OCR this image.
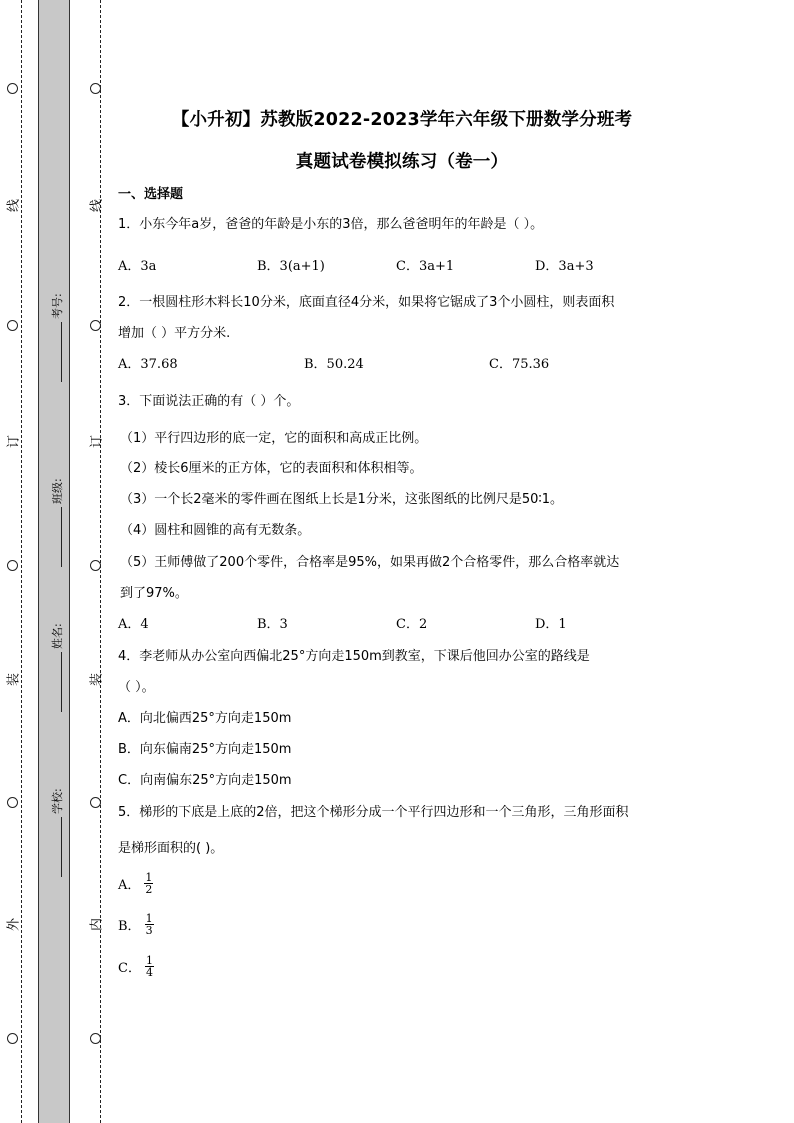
线
订
装
外
线
订
装
内
考号:
班级:
姓名:
学校:
【小升初】苏教版2022-2023学年六年级下册数学分班考
真题试卷模拟练习（卷一）
一、选择题
1．小东今年a岁，爸爸的年龄是小东的3倍，那么爸爸明年的年龄是（ ）。
A．3a	B．3(a+1)	C．3a+1	D．3a+3
2．一根圆柱形木料长10分米，底面直径4分米，如果将它锯成了3个小圆柱，则表面积
增加（ ）平方分米.
A．37.68	B．50.24	C．75.36
3．下面说法正确的有（ ）个。
（1）平行四边形的底一定，它的面积和高成正比例。
（2）棱长6厘米的正方体，它的表面积和体积相等。
（3）一个长2毫米的零件画在图纸上长是1分米，这张图纸的比例尺是50∶1。
（4）圆柱和圆锥的高有无数条。
（5）王师傅做了200个零件，合格率是95%，如果再做2个合格零件，那么合格率就达
到了97%。
A．4	B．3	C．2	D．1
4．李老师从办公室向西偏北25°方向走150m到教室，下课后他回办公室的路线是
（ ）。
A．向北偏西25°方向走150m
B．向东偏南25°方向走150m
C．向南偏东25°方向走150m
5．梯形的下底是上底的2倍，把这个梯形分成一个平行四边形和一个三角形，三角形面积
是梯形面积的( )。
A． $\frac{1}{2}$
B． $\frac{1}{3}$
C． $\frac{1}{4}$
